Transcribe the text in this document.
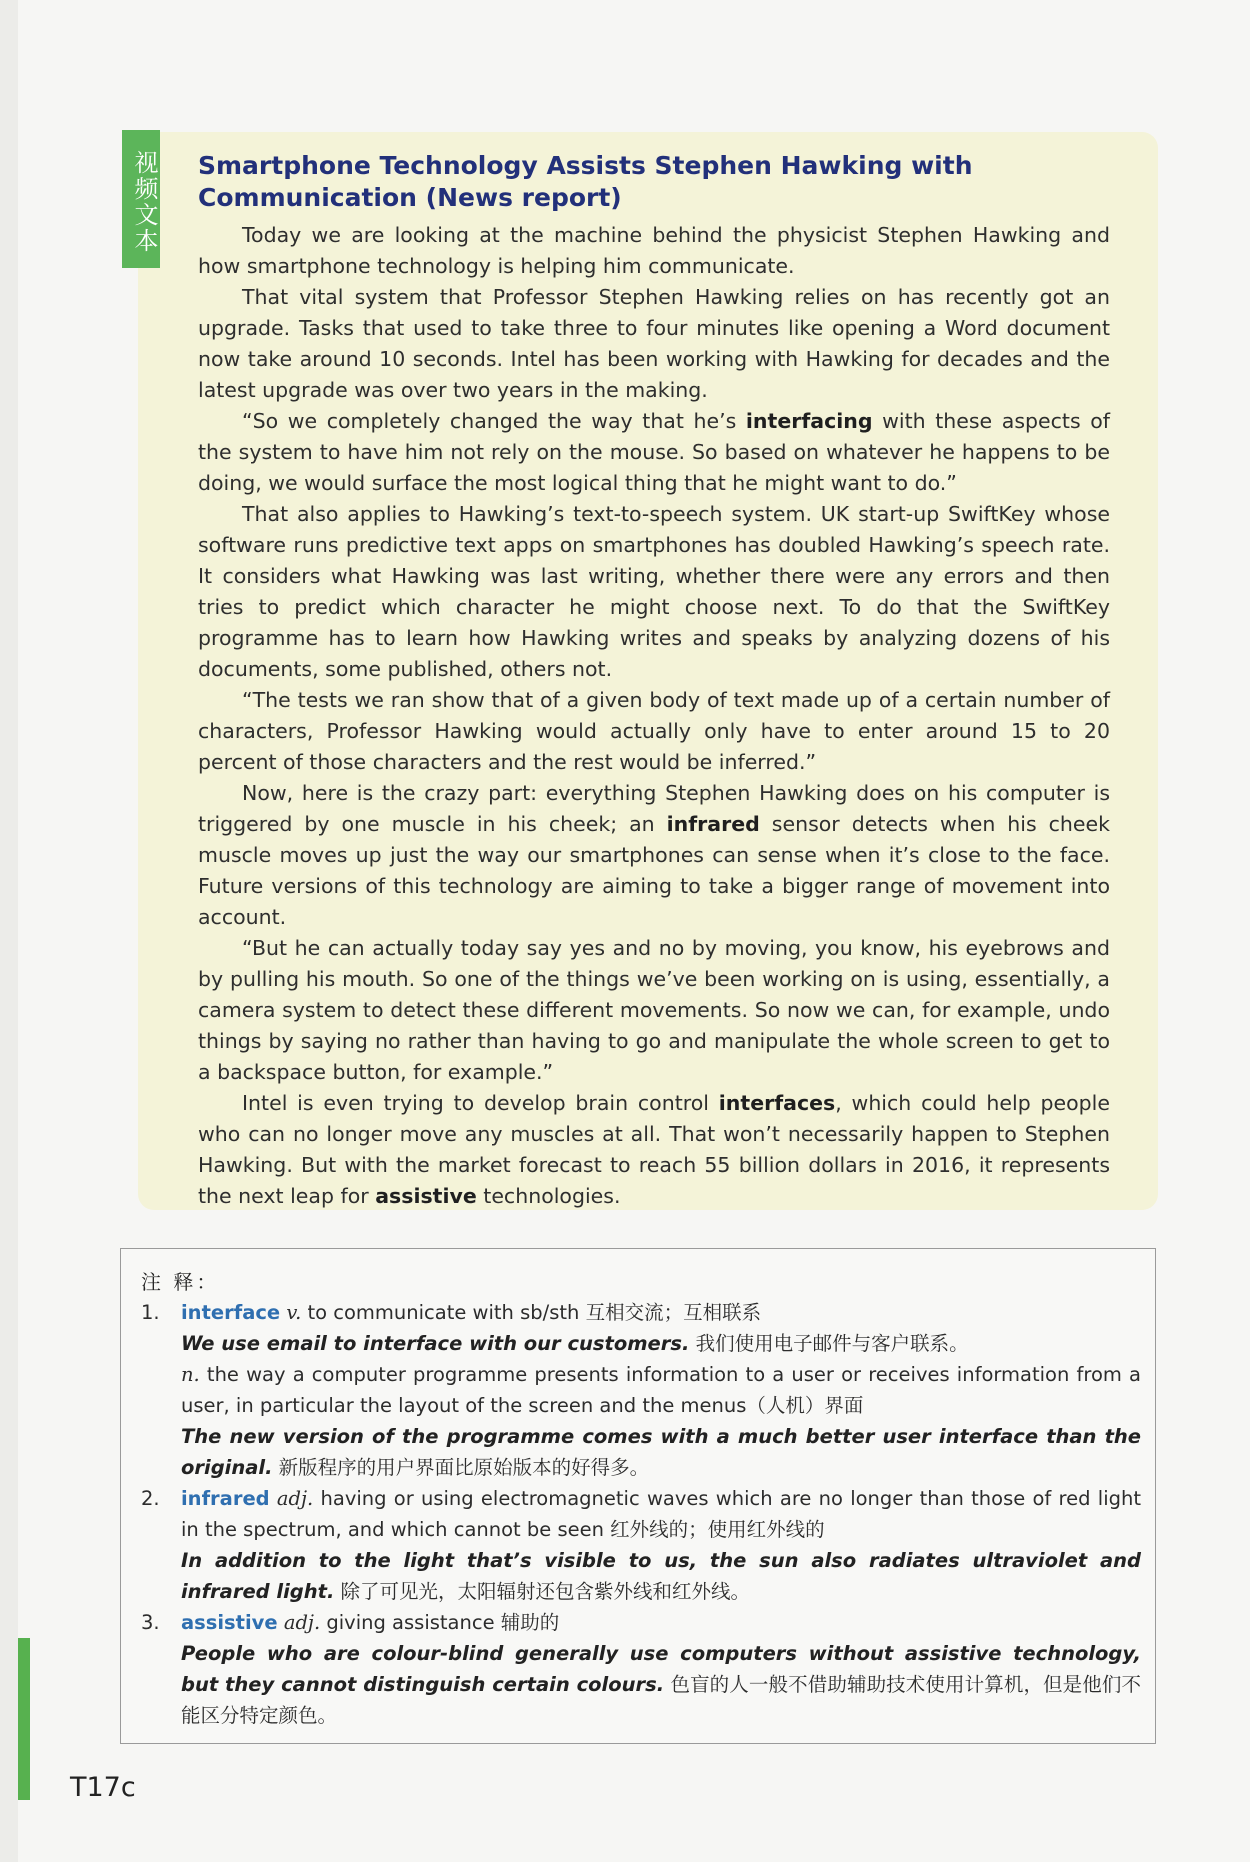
视频文本 Smartphone Technology Assists Stephen Hawking with Communication (News report)

Today we are looking at the machine behind the physicist Stephen Hawking and how smartphone technology is helping him communicate.

That vital system that Professor Stephen Hawking relies on has recently got an upgrade. Tasks that used to take three to four minutes like opening a Word document now take around 10 seconds. Intel has been working with Hawking for decades and the latest upgrade was over two years in the making.

“So we completely changed the way that he’s interfacing with these aspects of the system to have him not rely on the mouse. So based on whatever he happens to be doing, we would surface the most logical thing that he might want to do.”

That also applies to Hawking’s text-to-speech system. UK start-up SwiftKey whose software runs predictive text apps on smartphones has doubled Hawking’s speech rate. It considers what Hawking was last writing, whether there were any errors and then tries to predict which character he might choose next. To do that the SwiftKey programme has to learn how Hawking writes and speaks by analyzing dozens of his documents, some published, others not.

“The tests we ran show that of a given body of text made up of a certain number of characters, Professor Hawking would actually only have to enter around 15 to 20 percent of those characters and the rest would be inferred.”

Now, here is the crazy part: everything Stephen Hawking does on his computer is triggered by one muscle in his cheek; an infrared sensor detects when his cheek muscle moves up just the way our smartphones can sense when it’s close to the face. Future versions of this technology are aiming to take a bigger range of movement into account.

“But he can actually today say yes and no by moving, you know, his eyebrows and by pulling his mouth. So one of the things we’ve been working on is using, essentially, a camera system to detect these different movements. So now we can, for example, undo things by saying no rather than having to go and manipulate the whole screen to get to a backspace button, for example.”

Intel is even trying to develop brain control interfaces, which could help people who can no longer move any muscles at all. That won’t necessarily happen to Stephen Hawking. But with the market forecast to reach 55 billion dollars in 2016, it represents the next leap for assistive technologies.

注 释：
1.	interface v. to communicate with sb/sth 互相交流；互相联系
We use email to interface with our customers. 我们使用电子邮件与客户联系。
n. the way a computer programme presents information to a user or receives information from a user, in particular the layout of the screen and the menus（人机）界面
The new version of the programme comes with a much better user interface than the original. 新版程序的用户界面比原始版本的好得多。
2.	infrared adj. having or using electromagnetic waves which are no longer than those of red light in the spectrum, and which cannot be seen 红外线的；使用红外线的
In addition to the light that’s visible to us, the sun also radiates ultraviolet and infrared light. 除了可见光，太阳辐射还包含紫外线和红外线。
3.	assistive adj. giving assistance 辅助的
People who are colour-blind generally use computers without assistive technology, but they cannot distinguish certain colours. 色盲的人一般不借助辅助技术使用计算机，但是他们不能区分特定颜色。
T17c
